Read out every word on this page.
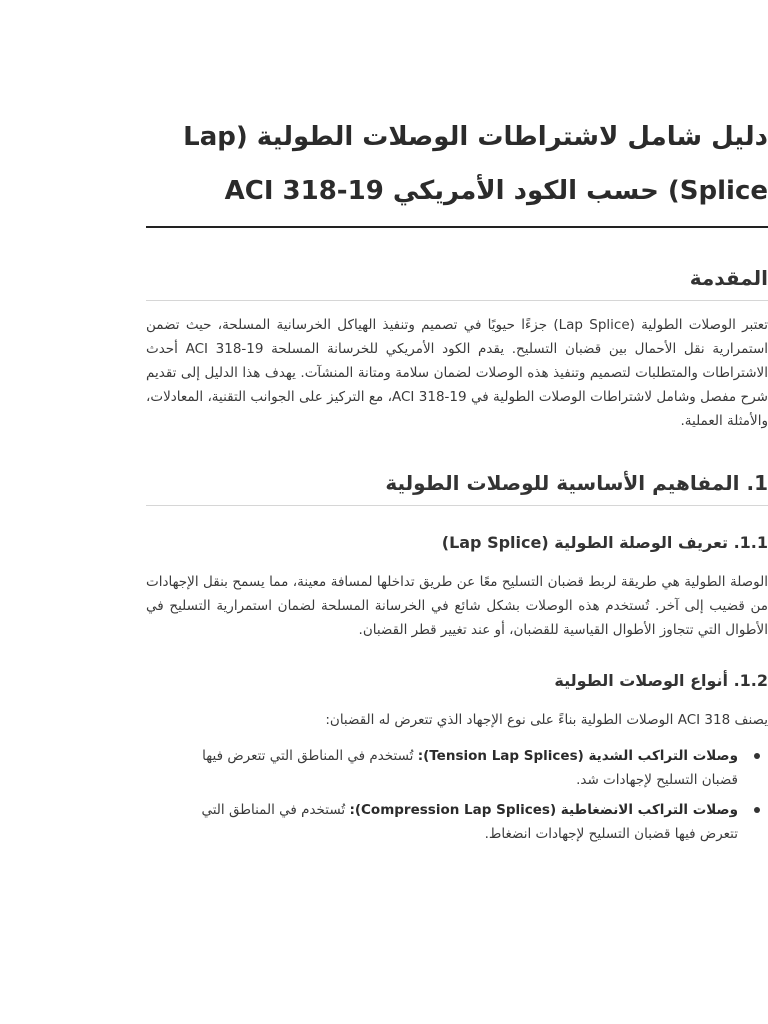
دليل شامل لاشتراطات الوصلات الطولية (Lap Splice) حسب الكود الأمريكي ACI 318-19
المقدمة

تعتبر الوصلات الطولية (Lap Splice) جزءًا حيويًا في تصميم وتنفيذ الهياكل الخرسانية المسلحة، حيث تضمن استمرارية نقل الأحمال بين قضبان التسليح. يقدم الكود الأمريكي للخرسانة المسلحة ACI 318-19 أحدث الاشتراطات والمتطلبات لتصميم وتنفيذ هذه الوصلات لضمان سلامة ومتانة المنشآت. يهدف هذا الدليل إلى تقديم شرح مفصل وشامل لاشتراطات الوصلات الطولية في ACI 318-19، مع التركيز على الجوانب التقنية، المعادلات، والأمثلة العملية.

1. المفاهيم الأساسية للوصلات الطولية
1.1. تعريف الوصلة الطولية (Lap Splice)

الوصلة الطولية هي طريقة لربط قضبان التسليح معًا عن طريق تداخلها لمسافة معينة، مما يسمح بنقل الإجهادات من قضيب إلى آخر. تُستخدم هذه الوصلات بشكل شائع في الخرسانة المسلحة لضمان استمرارية التسليح في الأطوال التي تتجاوز الأطوال القياسية للقضبان، أو عند تغيير قطر القضبان.

1.2. أنواع الوصلات الطولية

يصنف ACI 318 الوصلات الطولية بناءً على نوع الإجهاد الذي تتعرض له القضبان:

وصلات التراكب الشدية (Tension Lap Splices): تُستخدم في المناطق التي تتعرض فيها قضبان التسليح لإجهادات شد.
وصلات التراكب الانضغاطية (Compression Lap Splices): تُستخدم في المناطق التي تتعرض فيها قضبان التسليح لإجهادات انضغاط.
